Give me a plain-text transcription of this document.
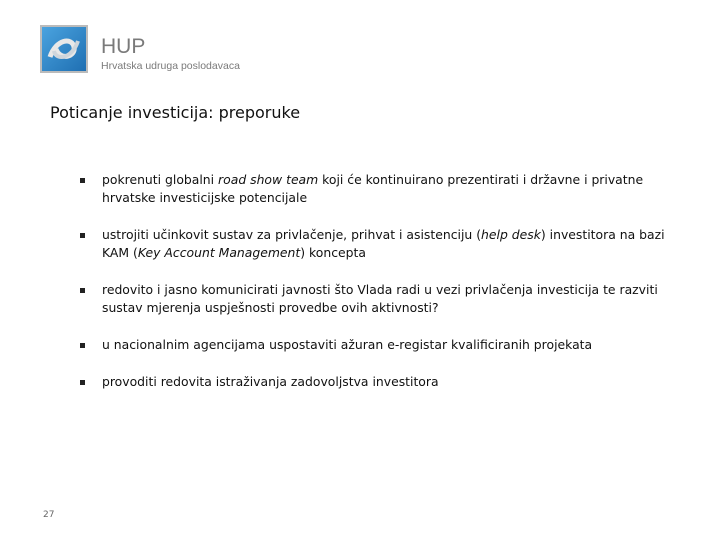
HUP
Hrvatska udruga poslodavaca
Poticanje investicija: preporuke
pokrenuti globalni road show team koji će kontinuirano prezentirati i državne i privatne hrvatske investicijske potencijale
ustrojiti učinkovit sustav za privlačenje, prihvat i asistenciju (help desk) investitora na bazi KAM (Key Account Management) koncepta
redovito i jasno komunicirati javnosti što Vlada radi u vezi privlačenja investicija te razviti sustav mjerenja uspješnosti provedbe ovih aktivnosti?
u nacionalnim agencijama uspostaviti ažuran e-registar kvalificiranih projekata
provoditi redovita istraživanja zadovoljstva investitora
27
